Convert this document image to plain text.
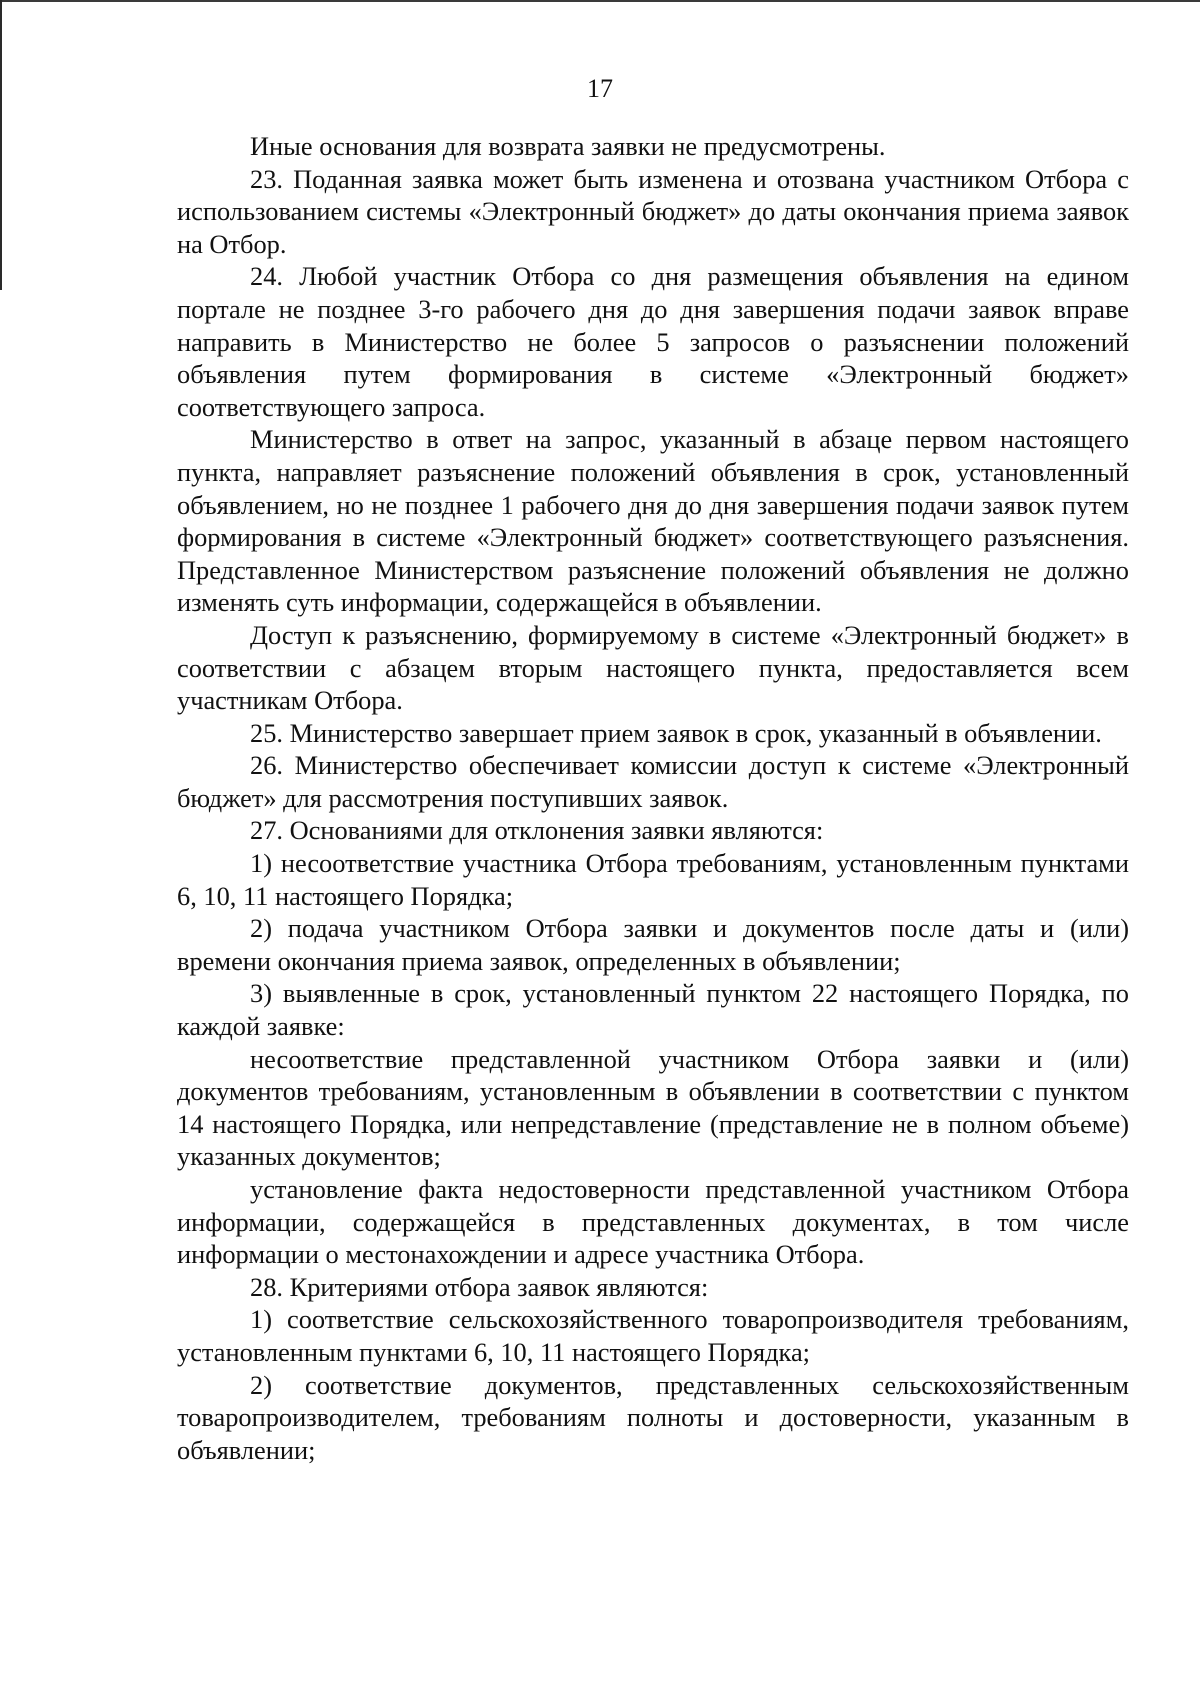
17

Иные основания для возврата заявки не предусмотрены.

23. Поданная заявка может быть изменена и отозвана участником Отбора с использованием системы «Электронный бюджет» до даты окончания приема заявок на Отбор.

24. Любой участник Отбора со дня размещения объявления на едином портале не позднее 3-го рабочего дня до дня завершения подачи заявок вправе направить в Министерство не более 5 запросов о разъяснении положений объявления путем формирования в системе «Электронный бюджет» соответствующего запроса.

Министерство в ответ на запрос, указанный в абзаце первом настоящего пункта, направляет разъяснение положений объявления в срок, установленный объявлением, но не позднее 1 рабочего дня до дня завершения подачи заявок путем формирования в системе «Электронный бюджет» соответствующего разъяснения. Представленное Министерством разъяснение положений объявления не должно изменять суть информации, содержащейся в объявлении.

Доступ к разъяснению, формируемому в системе «Электронный бюджет» в соответствии с абзацем вторым настоящего пункта, предоставляется всем участникам Отбора.

25. Министерство завершает прием заявок в срок, указанный в объявлении.

26. Министерство обеспечивает комиссии доступ к системе «Электронный бюджет» для рассмотрения поступивших заявок.

27. Основаниями для отклонения заявки являются:

1) несоответствие участника Отбора требованиям, установленным пунктами 6, 10, 11 настоящего Порядка;

2) подача участником Отбора заявки и документов после даты и (или) времени окончания приема заявок, определенных в объявлении;

3) выявленные в срок, установленный пунктом 22 настоящего Порядка, по каждой заявке:

несоответствие представленной участником Отбора заявки и (или) документов требованиям, установленным в объявлении в соответствии с пунктом 14 настоящего Порядка, или непредставление (представление не в полном объеме) указанных документов;

установление факта недостоверности представленной участником Отбора информации, содержащейся в представленных документах, в том числе информации о местонахождении и адресе участника Отбора.

28. Критериями отбора заявок являются:

1) соответствие сельскохозяйственного товаропроизводителя требованиям, установленным пунктами 6, 10, 11 настоящего Порядка;

2) соответствие документов, представленных сельскохозяйственным товаропроизводителем, требованиям полноты и достоверности, указанным в объявлении;
